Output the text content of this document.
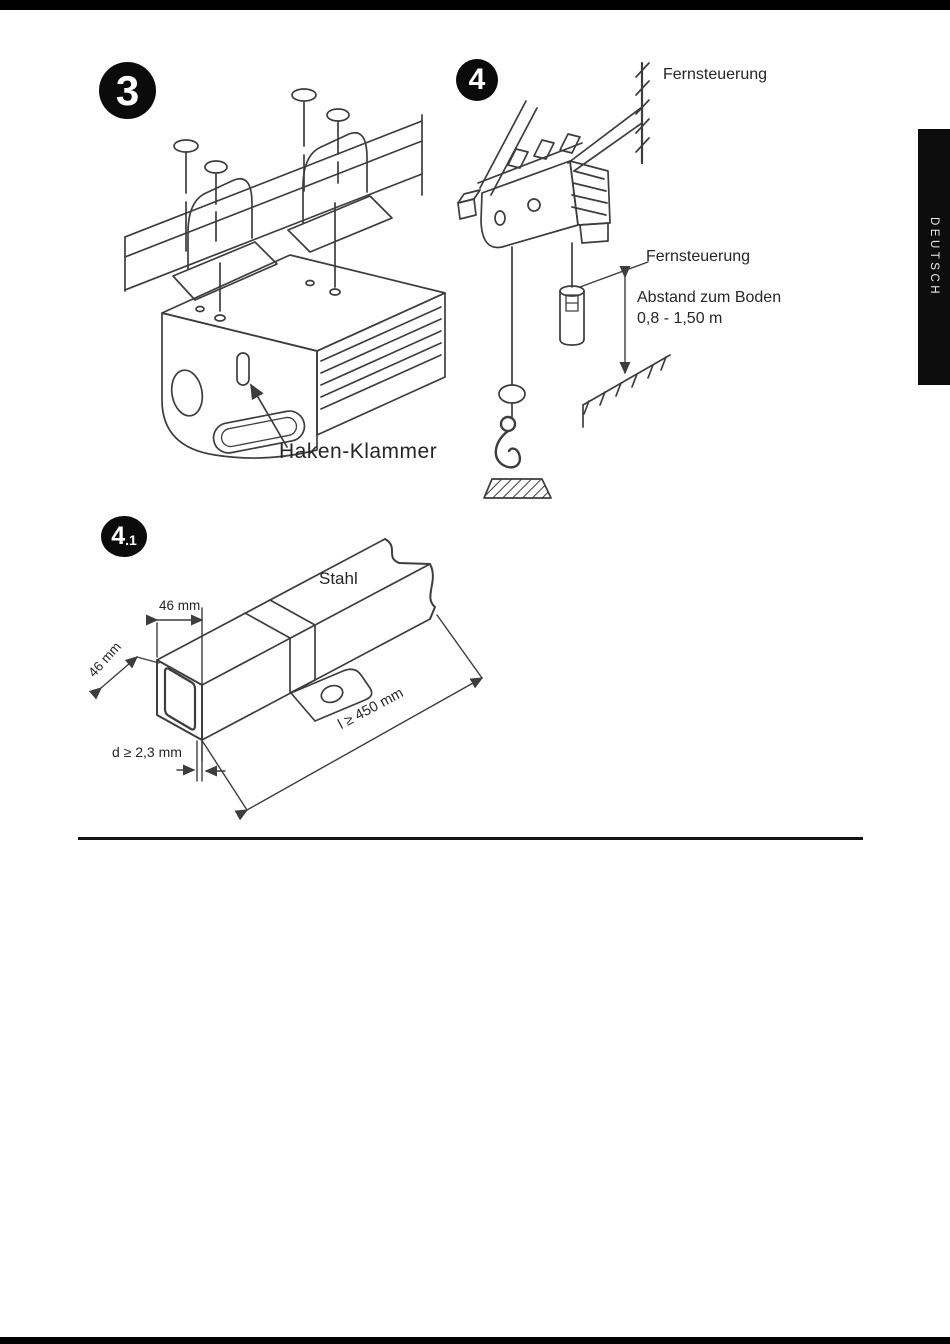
DEUTSCH
3	4
4 .1
Haken-Klammer
Fernsteuerung
Fernsteuerung
Abstand zum Boden
0,8 - 1,50 m
Stahl
46 mm
46 mm
l ≥ 450 mm
d ≥ 2,3 mm
